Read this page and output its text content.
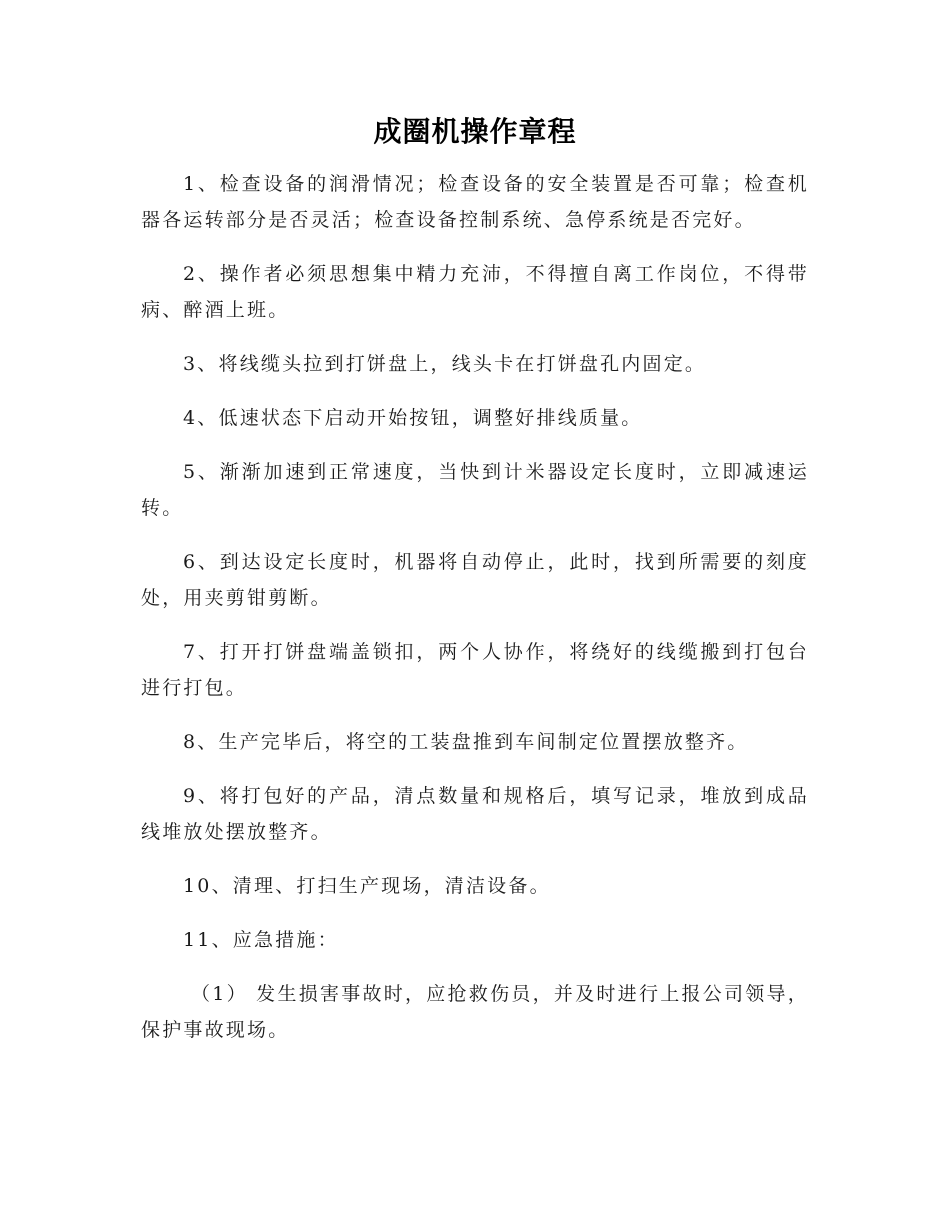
成圈机操作章程

1、检查设备的润滑情况；检查设备的安全装置是否可靠；检查机器各运转部分是否灵活；检查设备控制系统、急停系统是否完好。

2、操作者必须思想集中精力充沛，不得擅自离工作岗位，不得带病、醉酒上班。

3、将线缆头拉到打饼盘上，线头卡在打饼盘孔内固定。

4、低速状态下启动开始按钮，调整好排线质量。

5、渐渐加速到正常速度，当快到计米器设定长度时，立即减速运转。

6、到达设定长度时，机器将自动停止，此时，找到所需要的刻度处，用夹剪钳剪断。

7、打开打饼盘端盖锁扣，两个人协作，将绕好的线缆搬到打包台进行打包。

8、生产完毕后，将空的工装盘推到车间制定位置摆放整齐。

9、将打包好的产品，清点数量和规格后，填写记录，堆放到成品线堆放处摆放整齐。

10、清理、打扫生产现场，清洁设备。

11、应急措施：

（1） 发生损害事故时，应抢救伤员，并及时进行上报公司领导，保护事故现场。
